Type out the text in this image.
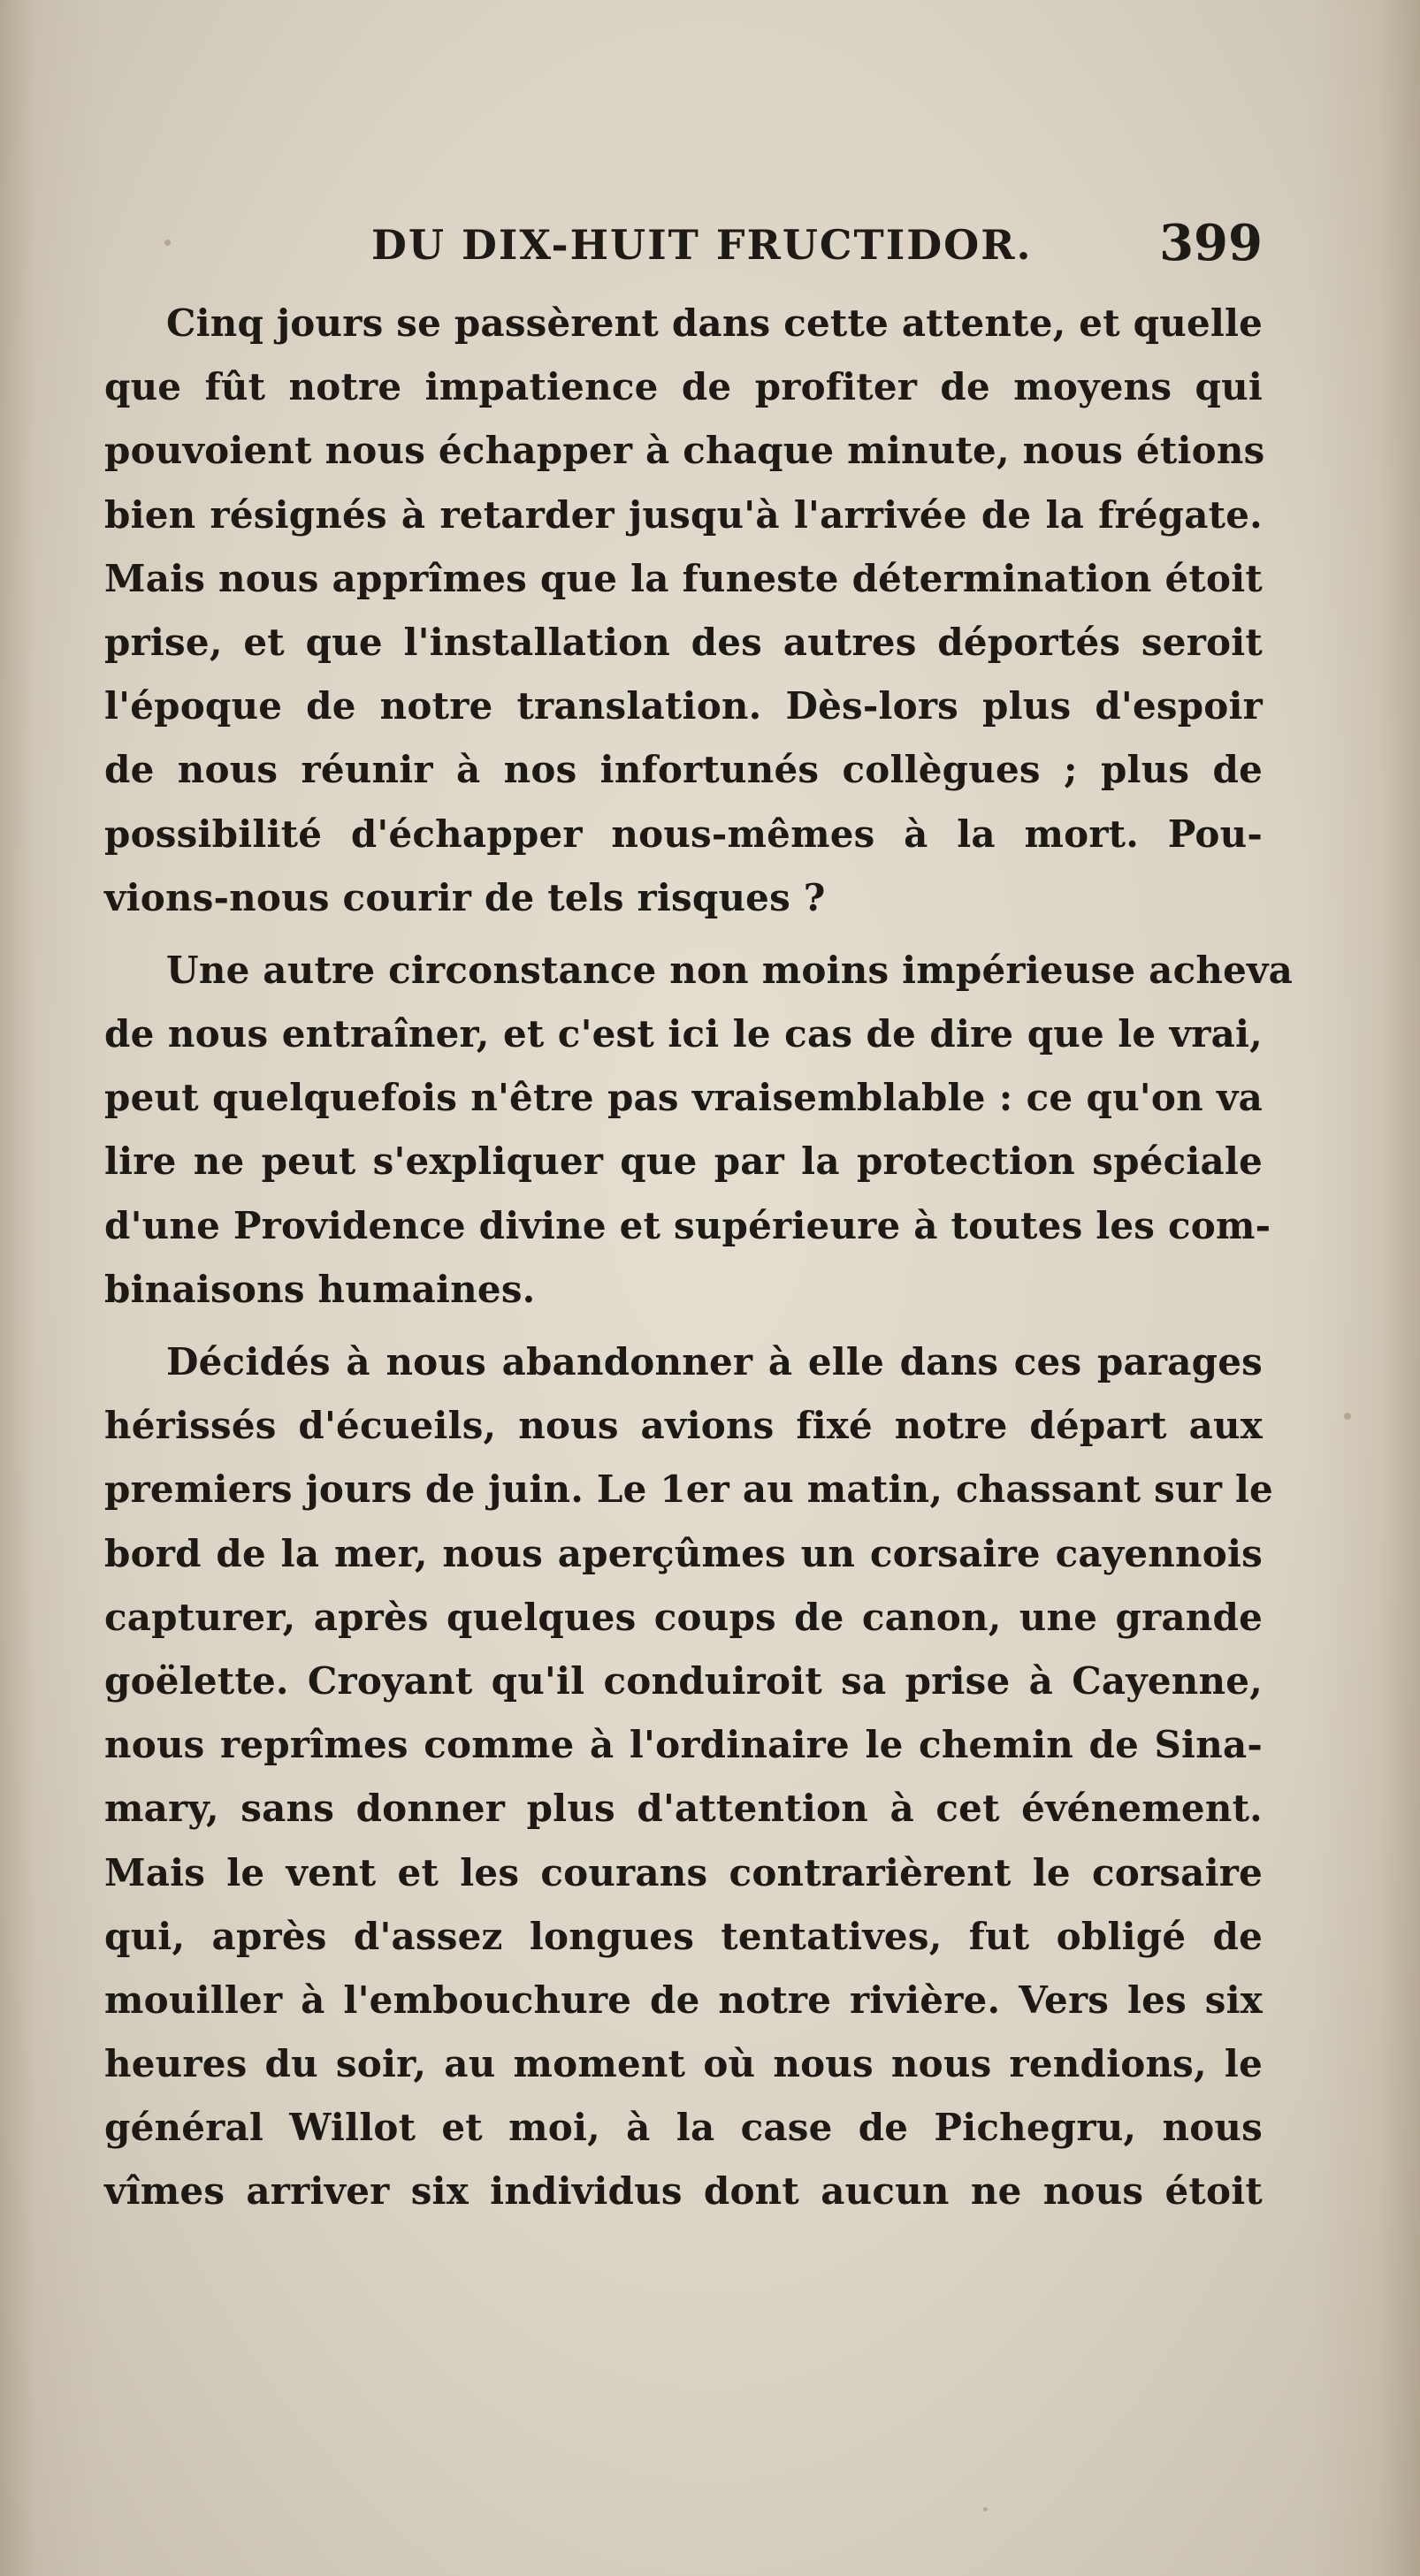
DU DIX-HUIT FRUCTIDOR.	399
Cinq jours se passèrent dans cette attente, et quelle
que fût notre impatience de profiter de moyens qui
pouvoient nous échapper à chaque minute, nous étions
bien résignés à retarder jusqu'à l'arrivée de la frégate.
Mais nous apprîmes que la funeste détermination étoit
prise, et que l'installation des autres déportés seroit
l'époque de notre translation. Dès-lors plus d'espoir
de nous réunir à nos infortunés collègues ; plus de
possibilité d'échapper nous-mêmes à la mort. Pou-
vions-nous courir de tels risques ?
Une autre circonstance non moins impérieuse acheva
de nous entraîner, et c'est ici le cas de dire que le vrai,
peut quelquefois n'être pas vraisemblable : ce qu'on va
lire ne peut s'expliquer que par la protection spéciale
d'une Providence divine et supérieure à toutes les com-
binaisons humaines.
Décidés à nous abandonner à elle dans ces parages
hérissés d'écueils, nous avions fixé notre départ aux
premiers jours de juin. Le 1er au matin, chassant sur le
bord de la mer, nous aperçûmes un corsaire cayennois
capturer, après quelques coups de canon, une grande
goëlette. Croyant qu'il conduiroit sa prise à Cayenne,
nous reprîmes comme à l'ordinaire le chemin de Sina-
mary, sans donner plus d'attention à cet événement.
Mais le vent et les courans contrarièrent le corsaire
qui, après d'assez longues tentatives, fut obligé de
mouiller à l'embouchure de notre rivière. Vers les six
heures du soir, au moment où nous nous rendions, le
général Willot et moi, à la case de Pichegru, nous
vîmes arriver six individus dont aucun ne nous étoit
